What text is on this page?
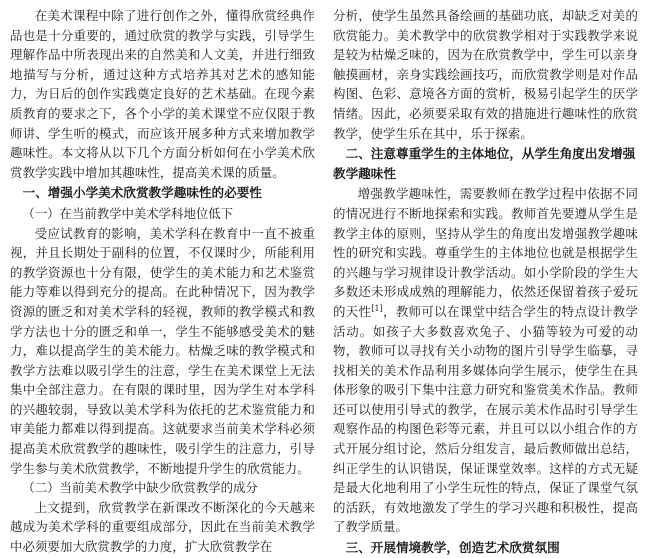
在美术课程中除了进行创作之外，懂得欣赏经典作品也是十分重要的，通过欣赏的教学与实践，引导学生理解作品中所表现出来的自然美和人文美，并进行细致地描写与分析，通过这种方式培养其对艺术的感知能力，为日后的创作实践奠定良好的艺术基础。在现今素质教育的要求之下，各个小学的美术课堂不应仅限于教师讲、学生听的模式，而应该开展多种方式来增加教学趣味性。本文将从以下几个方面分析如何在小学美术欣赏教学实践中增加其趣味性，提高美术课的质量。

一、增强小学美术欣赏教学趣味性的必要性
（一）在当前教学中美术学科地位低下

受应试教育的影响，美术学科在教育中一直不被重视，并且长期处于副科的位置，不仅课时少，所能利用的教学资源也十分有限，使学生的美术能力和艺术鉴赏能力等难以得到充分的提高。在此种情况下，因为教学资源的匮乏和对美术学科的轻视，教师的教学模式和教学方法也十分的匮乏和单一，学生不能够感受美术的魅力，难以提高学生的美术能力。枯燥乏味的教学模式和教学方法难以吸引学生的注意，学生在美术课堂上无法集中全部注意力。在有限的课时里，因为学生对本学科的兴趣较弱，导致以美术学科为依托的艺术鉴赏能力和审美能力都难以得到提高。这就要求当前美术学科必须提高美术欣赏教学的趣味性，吸引学生的注意力，引导学生参与美术欣赏教学，不断地提升学生的欣赏能力。

（二）当前美术教学中缺少欣赏教学的成分

上文提到，欣赏教学在新课改不断深化的今天越来越成为美术学科的重要组成部分，因此在当前美术教学中必须要加大欣赏教学的力度，扩大欣赏教学在

分析，使学生虽然具备绘画的基础功底，却缺乏对美的欣赏能力。美术教学中的欣赏教学相对于实践教学来说是较为枯燥乏味的，因为在欣赏教学中，学生可以亲身触摸画材，亲身实践绘画技巧，而欣赏教学则是对作品构图、色彩、意境各方面的赏析，极易引起学生的厌学情绪。因此，必须要采取有效的措施进行趣味性的欣赏教学，使学生乐在其中，乐于探索。

二、注意尊重学生的主体地位，从学生角度出发增强教学趣味性

增强教学趣味性，需要教师在教学过程中依据不同的情况进行不断地探索和实践。教师首先要遵从学生是教学主体的原则，坚持从学生的角度出发增强教学趣味性的研究和实践。尊重学生的主体地位也就是根据学生的兴趣与学习规律设计教学活动。如小学阶段的学生大多数还未形成成熟的理解能力，依然还保留着孩子爱玩的天性[1]，教师可以在课堂中结合学生的特点设计教学活动。如孩子大多数喜欢兔子、小猫等较为可爱的动物，教师可以寻找有关小动物的图片引导学生临摹，寻找相关的美术作品利用多媒体向学生展示，使学生在具体形象的吸引下集中注意力研究和鉴赏美术作品。教师还可以使用引导式的教学，在展示美术作品时引导学生观察作品的构图色彩等元素，并且可以以小组合作的方式开展分组讨论，然后分组发言，最后教师做出总结，纠正学生的认识错误，保证课堂效率。这样的方式无疑是最大化地利用了小学生玩性的特点，保证了课堂气氛的活跃，有效地激发了学生的学习兴趣和积极性，提高了教学质量。

三、开展情境教学，创造艺术欣赏氛围
